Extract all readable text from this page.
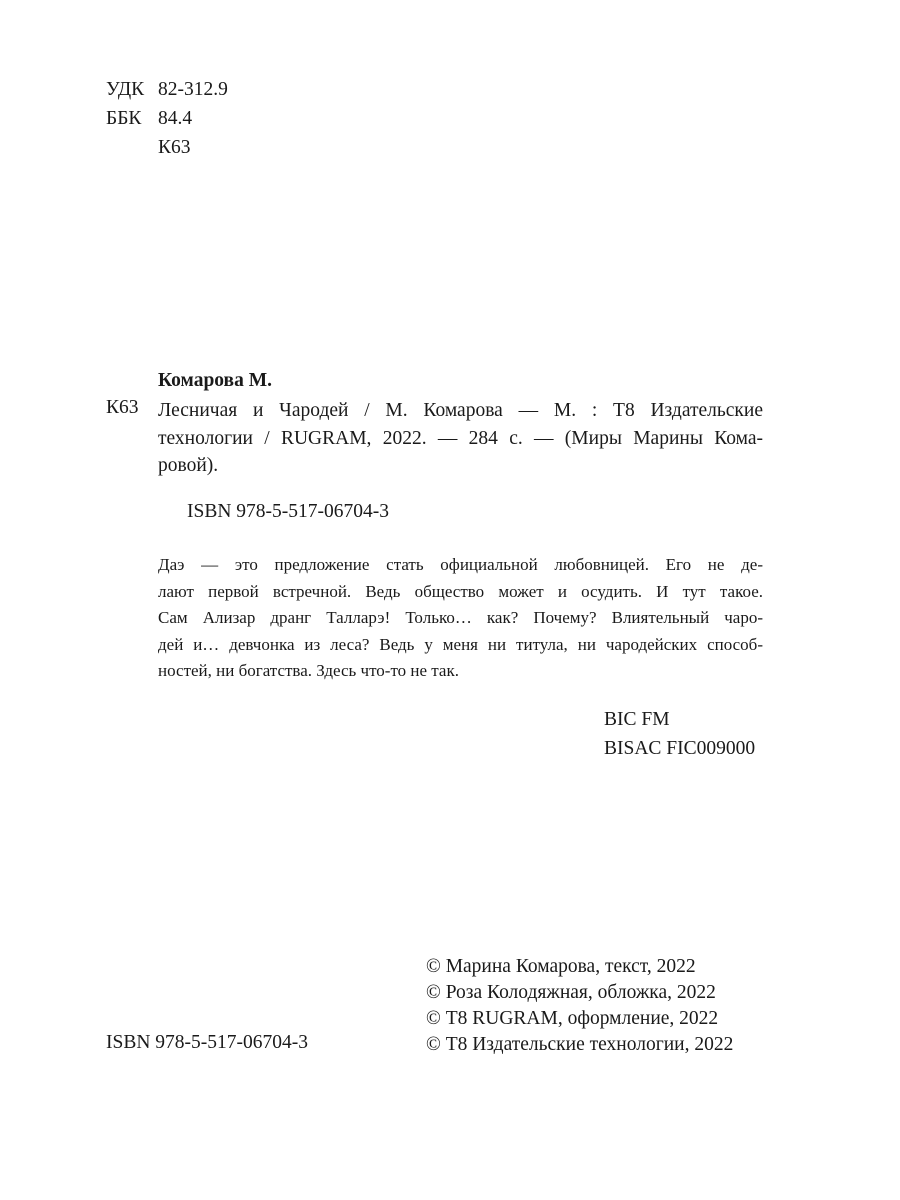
УДК 82-312.9
ББК 84.4
К63
Комарова М.
К63 Лесничая и Чародей / М. Комарова — М. : Т8 Издательские
технологии / RUGRAM, 2022. — 284 с. — (Миры Марины Кома-
ровой).
ISBN 978-5-517-06704-3
Даэ — это предложение стать официальной любовницей. Его не де-
лают первой встречной. Ведь общество может и осудить. И тут такое.
Сам Ализар дранг Талларэ! Только… как? Почему? Влиятельный чаро-
дей и… девчонка из леса? Ведь у меня ни титула, ни чародейских способ-
ностей, ни богатства. Здесь что-то не так.
BIC FM
BISAC FIC009000
ISBN 978-5-517-06704-3
© Марина Комарова, текст, 2022
© Роза Колодяжная, обложка, 2022
© Т8 RUGRAM, оформление, 2022
© Т8 Издательские технологии, 2022
